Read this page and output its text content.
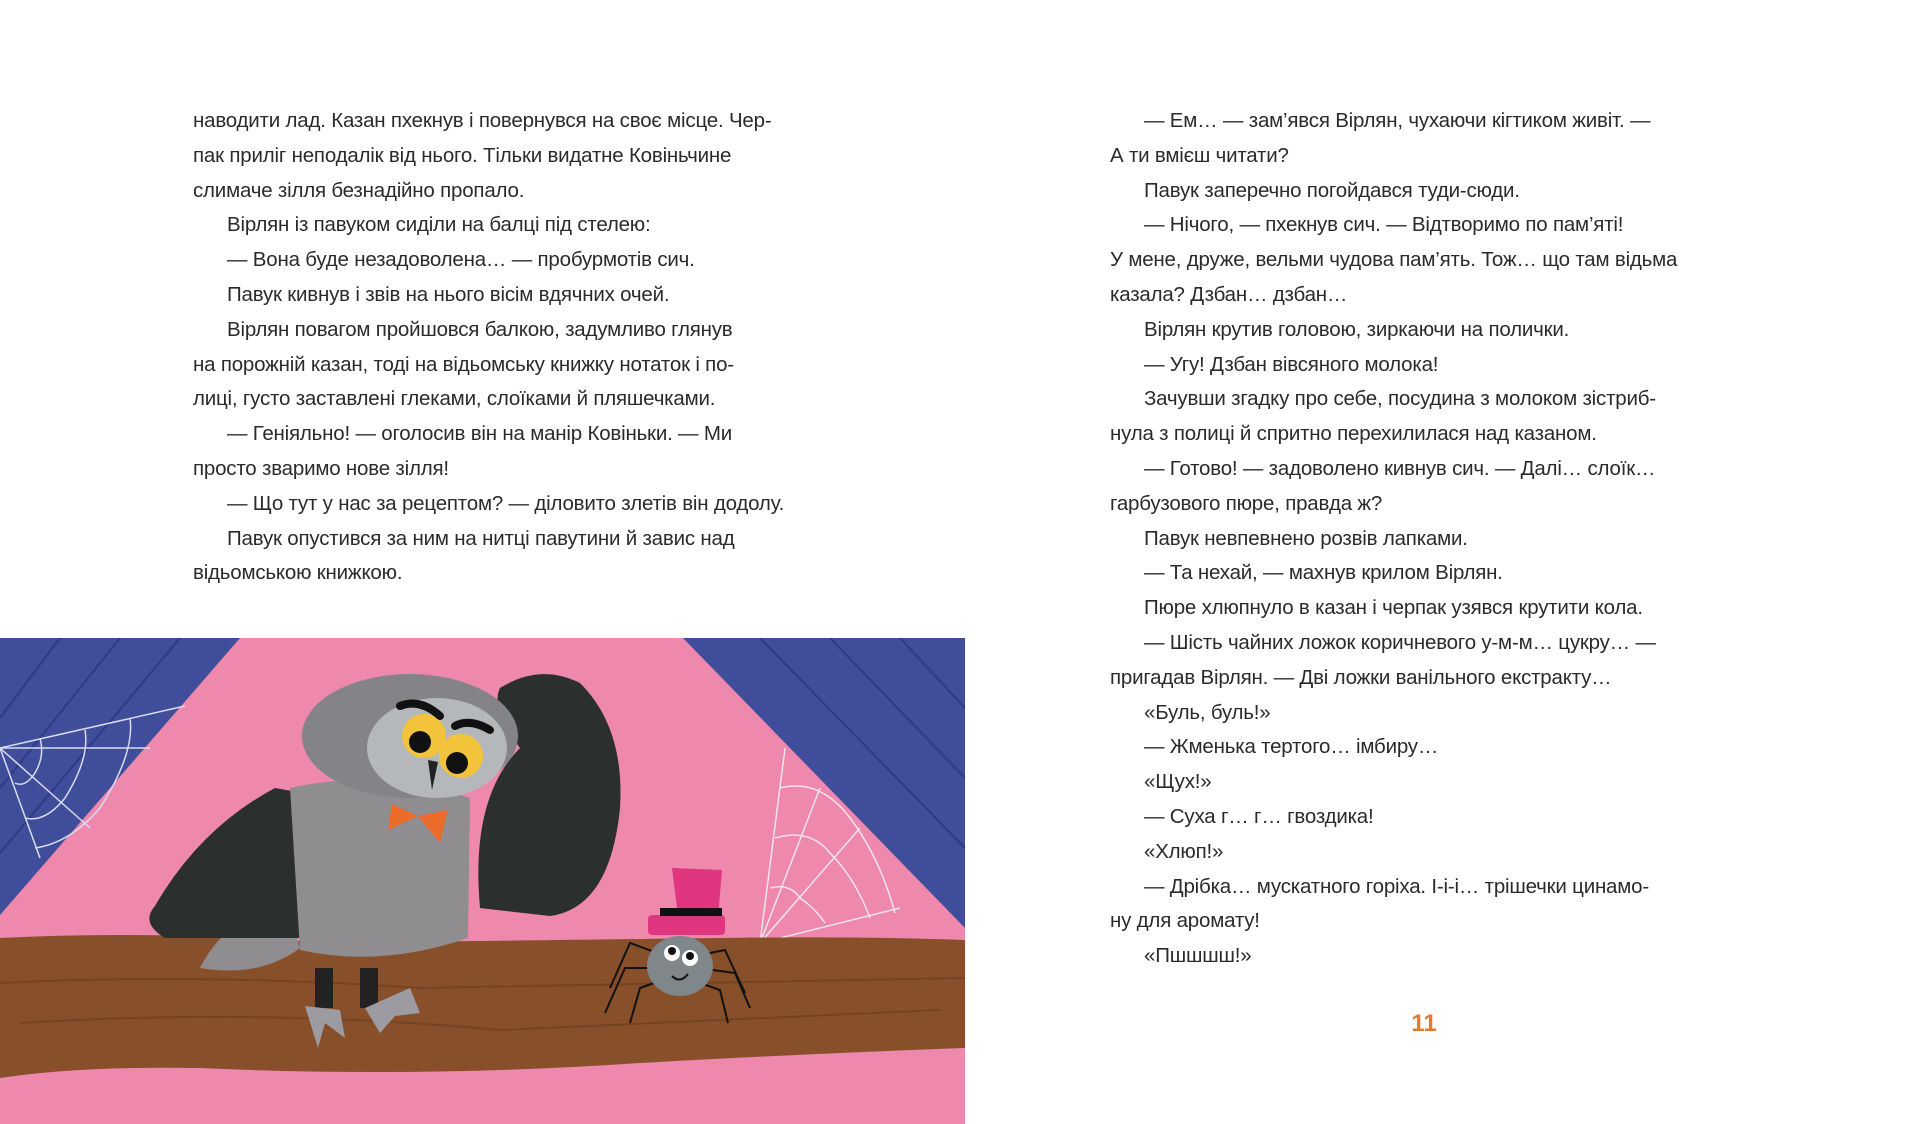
наводити лад. Казан пхекнув і повернувся на своє місце. Чер-
пак приліг неподалік від нього. Тільки видатне Ковіньчине
слимаче зілля безнадійно пропало.
Вірлян із павуком сиділи на балці під стелею:
— Вона буде незадоволена… — пробурмотів сич.
Павук кивнув і звів на нього вісім вдячних очей.
Вірлян повагом пройшовся балкою, задумливо глянув
на порожній казан, тоді на відьомську книжку нотаток і по-
лиці, густо заставлені глеками, слоїками й пляшечками.
— Геніяльно! — оголосив він на манір Ковіньки. — Ми
просто зваримо нове зілля!
— Що тут у нас за рецептом? — діловито злетів він додолу.
Павук опустився за ним на нитці павутини й завис над
відьомською книжкою.
— Ем… — зам’явся Вірлян, чухаючи кігтиком живіт. —
А ти вмієш читати?
Павук заперечно погойдався туди-сюди.
— Нічого, — пхекнув сич. — Відтворимо по пам’яті!
У мене, друже, вельми чудова пам’ять. Тож… що там відьма
казала? Дзбан… дзбан…
Вірлян крутив головою, зиркаючи на полички.
— Угу! Дзбан вівсяного молока!
Зачувши згадку про себе, посудина з молоком зістриб-
нула з полиці й спритно перехилилася над казаном.
— Готово! — задоволено кивнув сич. — Далі… слоїк…
гарбузового пюре, правда ж?
Павук невпевнено розвів лапками.
— Та нехай, — махнув крилом Вірлян.
Пюре хлюпнуло в казан і черпак узявся крутити кола.
— Шість чайних ложок коричневого у-м-м… цукру… —
пригадав Вірлян. — Дві ложки ванільного екстракту…
«Буль, буль!»
— Жменька тертого… імбиру…
«Щух!»
— Суха г… г… гвоздика!
«Хлюп!»
— Дрібка… мускатного горіха. І-і-і… трішечки цинамо-
ну для аромату!
«Пшшшш!»
11
